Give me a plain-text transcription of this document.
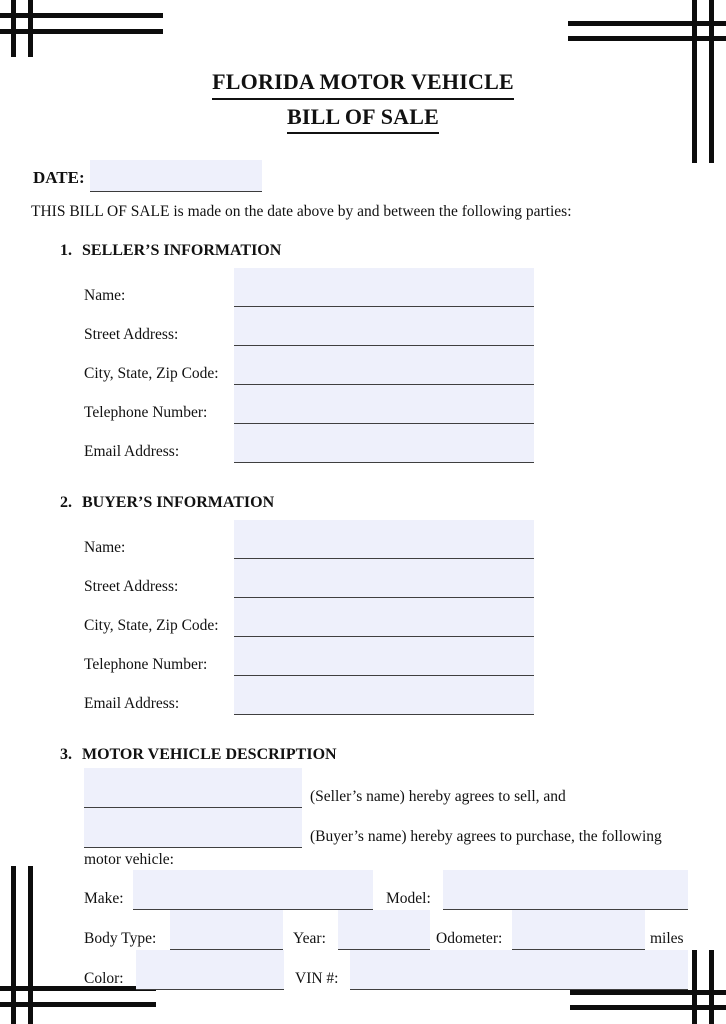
FLORIDA MOTOR VEHICLE
BILL OF SALE
DATE:
THIS BILL OF SALE is made on the date above by and between the following parties:
1. SELLER’S INFORMATION
Name:
Street Address:
City, State, Zip Code:
Telephone Number:
Email Address:
2. BUYER’S INFORMATION
Name:
Street Address:
City, State, Zip Code:
Telephone Number:
Email Address:
3. MOTOR VEHICLE DESCRIPTION
(Seller’s name) hereby agrees to sell, and
(Buyer’s name) hereby agrees to purchase, the following
motor vehicle:
Make:	Model:
Body Type:	Year:	Odometer:	miles
Color:	VIN #:
